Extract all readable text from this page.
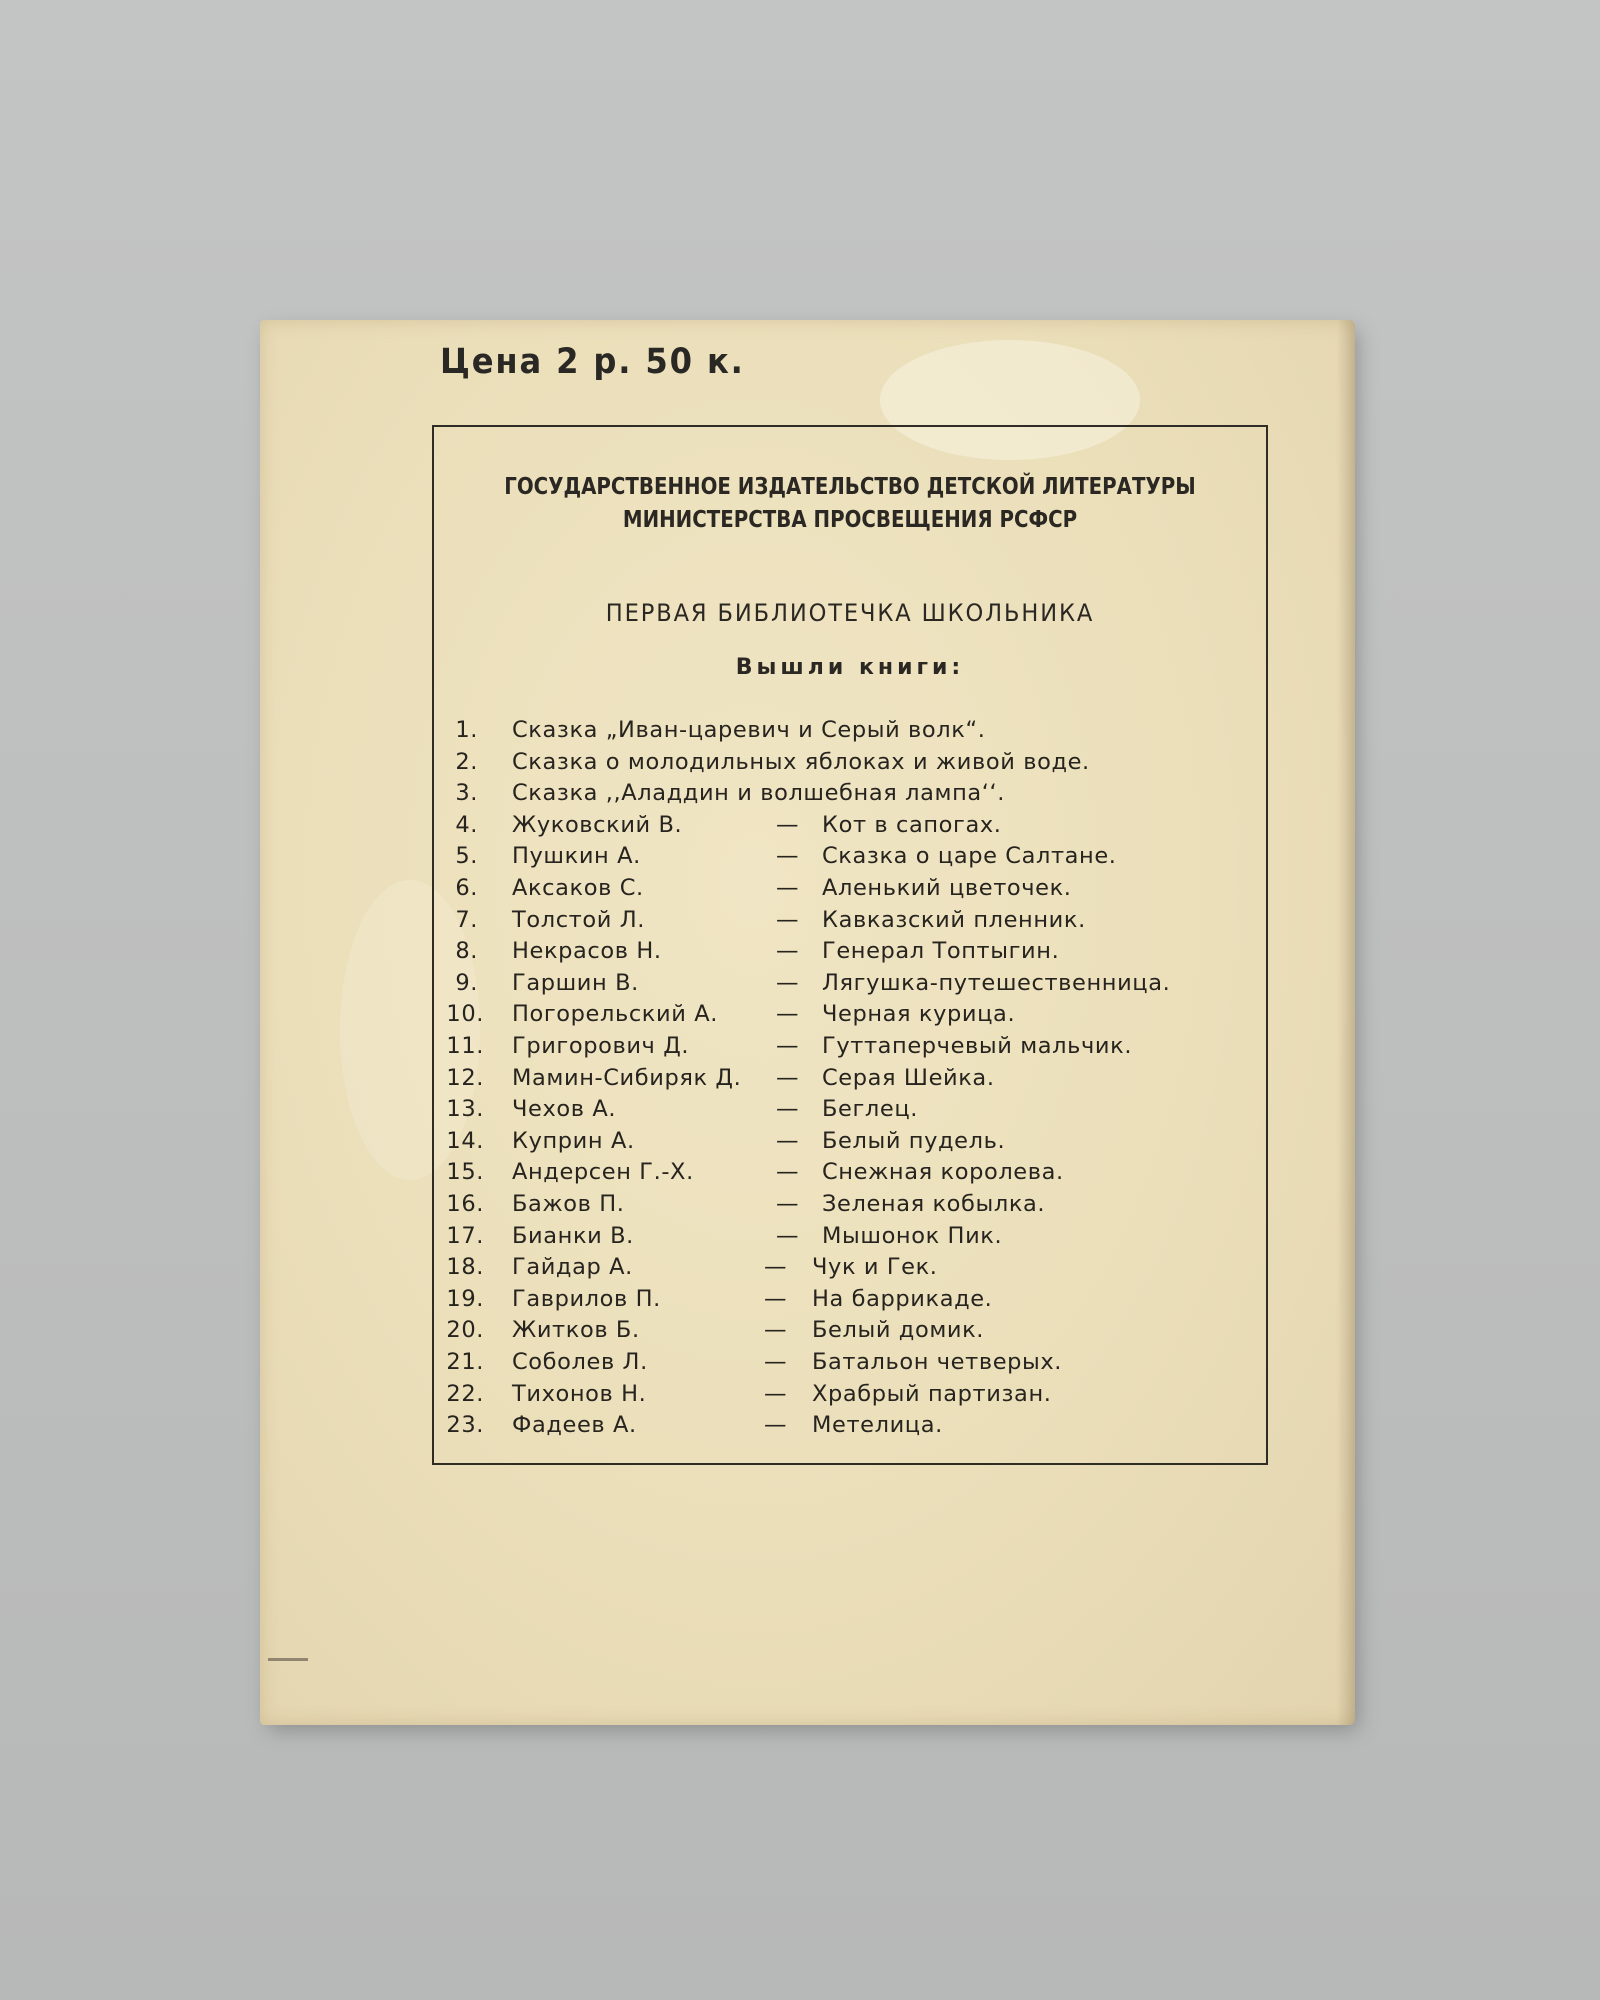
Цена 2 р. 50 к.
ГОСУДАРСТВЕННОЕ ИЗДАТЕЛЬСТВО ДЕТСКОЙ ЛИТЕРАТУРЫ
МИНИСТЕРСТВА ПРОСВЕЩЕНИЯ РСФСР
ПЕРВАЯ БИБЛИОТЕЧКА ШКОЛЬНИКА
Вышли книги:
1. Сказка „Иван-царевич и Серый волк“.
2. Сказка о молодильных яблоках и живой воде.
3. Сказка ,,Аладдин и волшебная лампа‘‘.
4. Жуковский В.	— Кот в сапогах.
5. Пушкин А.	— Сказка о царе Салтане.
6. Аксаков С.	— Аленький цветочек.
7. Толстой Л.	— Кавказский пленник.
8. Некрасов Н.	— Генерал Топтыгин.
9. Гаршин В.	— Лягушка-путешественница.
10. Погорельский А.	— Черная курица.
11. Григорович Д.	— Гуттаперчевый мальчик.
12. Мамин-Сибиряк Д. — Серая Шейка.
13. Чехов А.	— Беглец.
14. Куприн А.	— Белый пудель.
15. Андерсен Г.-Х.	— Снежная королева.
16. Бажов П.	— Зеленая кобылка.
17. Бианки В.	— Мышонок Пик.
18. Гайдар А.	— Чук и Гек.
19. Гаврилов П.	— На баррикаде.
20. Житков Б.	— Белый домик.
21. Соболев Л.	— Батальон четверых.
22. Тихонов Н.	— Храбрый партизан.
23. Фадеев А.	— Метелица.
